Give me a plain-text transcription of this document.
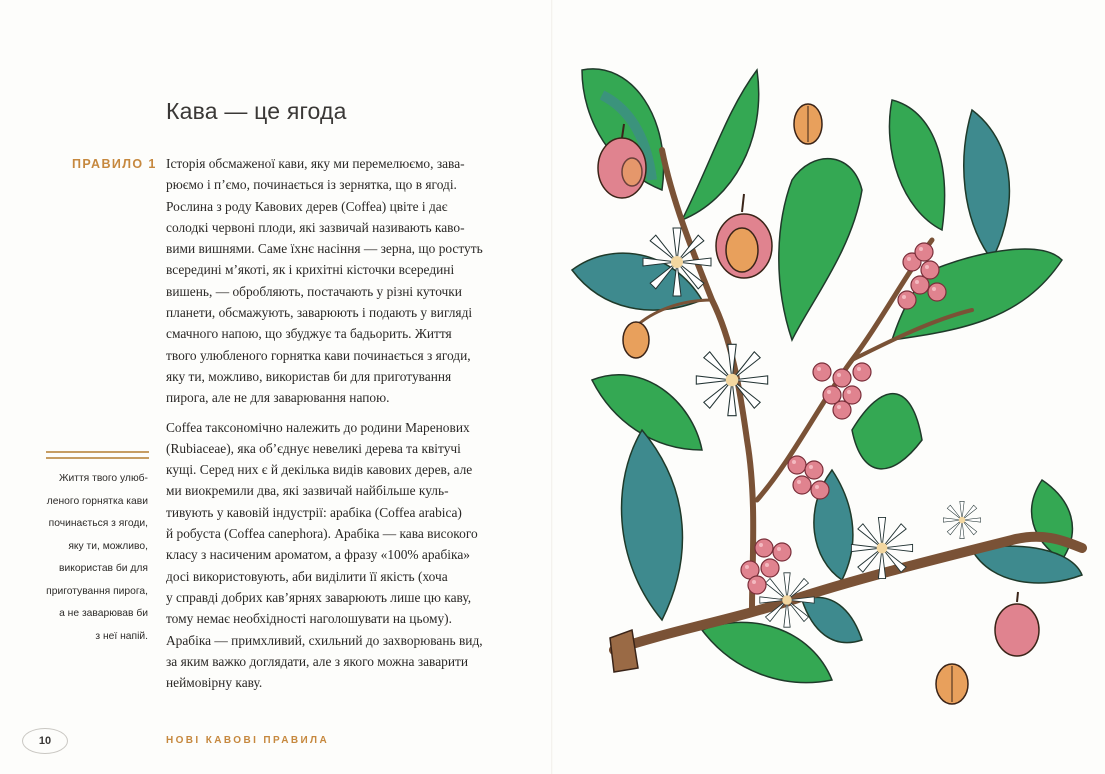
Кава — це ягода
ПРАВИЛО 1 Історія обсмаженої кави, яку ми перемелюємо, зава-
рюємо і п’ємо, починається із зернятка, що в ягоді.
Рослина з роду Кавових дерев (Coffea) цвіте і дає
солодкі червоні плоди, які зазвичай називають каво-
вими вишнями. Саме їхнє насіння — зерна, що ростуть
всередині м’якоті, як і крихітні кісточки всередині
вишень, — обробляють, постачають у різні куточки
планети, обсмажують, заварюють і подають у вигляді
смачного напою, що збуджує та бадьорить. Життя
твого улюбленого горнятка кави починається з ягоди,
яку ти, можливо, використав би для приготування
пирога, але не для заварювання напою.
Coffea таксономічно належить до родини Маренових
(Rubiaceae), яка об’єднує невеликі дерева та квітучі
кущі. Серед них є й декілька видів кавових дерев, але
ми виокремили два, які зазвичай найбільше куль-
тивують у кавовій індустрії: арабіка (Coffea arabica)
й робуста (Coffea canephora). Арабіка — кава високого
класу з насиченим ароматом, а фразу «100% арабіка»
досі використовують, аби виділити її якість (хоча
у справді добрих кав’ярнях заварюють лише цю каву,
тому немає необхідності наголошувати на цьому).
Арабіка — примхливий, схильний до захворювань вид,
за яким важко доглядати, але з якого можна заварити
неймовірну каву.
Життя твого улюб-
леного горнятка кави
починається з ягоди,
яку ти, можливо,
використав би для
приготування пирога,
а не заварював би
з неї напій.
10	НОВІ КАВОВІ ПРАВИЛА
